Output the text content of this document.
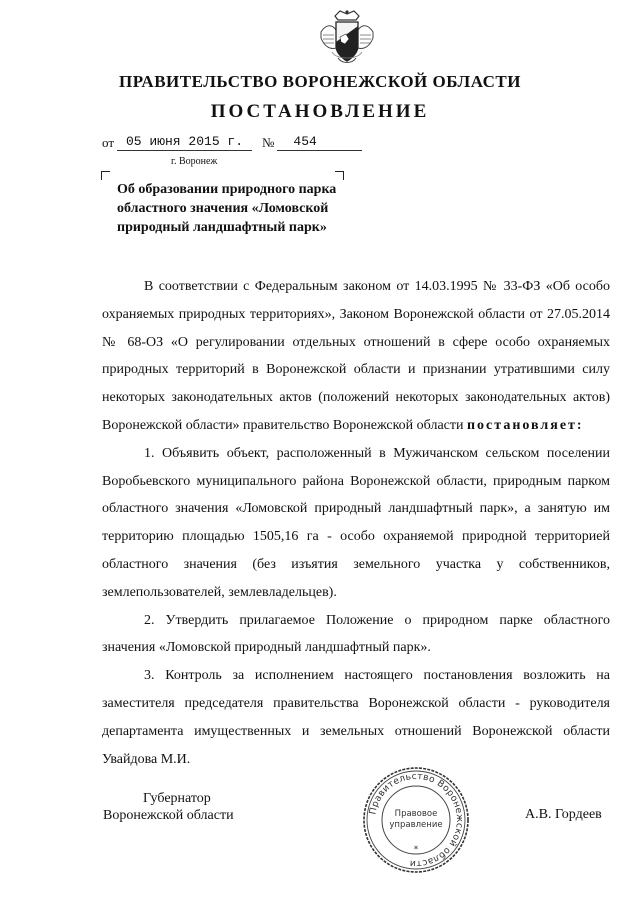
ПРАВИТЕЛЬСТВО ВОРОНЕЖСКОЙ ОБЛАСТИ
ПОСТАНОВЛЕНИЕ
от 05 июня 2015 г. № 454
г. Воронеж
Об образовании природного парка областного значения «Ломовской природный ландшафтный парк»

В соответствии с Федеральным законом от 14.03.1995 № 33-ФЗ «Об особо охраняемых природных территориях», Законом Воронежской области от 27.05.2014 № 68-ОЗ «О регулировании отдельных отношений в сфере особо охраняемых природных территорий в Воронежской области и признании утратившими силу некоторых законодательных актов (положений некоторых законодательных актов) Воронежской области» правительство Воронежской области постановляет:

1. Объявить объект, расположенный в Мужичанском сельском поселении Воробьевского муниципального района Воронежской области, природным парком областного значения «Ломовской природный ландшафтный парк», а занятую им территорию площадью 1505,16 га - особо охраняемой природной территорией областного значения (без изъятия земельного участка у собственников, землепользователей, землевладельцев).

2. Утвердить прилагаемое Положение о природном парке областного значения «Ломовской природный ландшафтный парк».

3. Контроль за исполнением настоящего постановления возложить на заместителя председателя правительства Воронежской области - руководителя департамента имущественных и земельных отношений Воронежской области Увайдова М.И.

Губернатор
Воронежской области	А.В. Гордеев
Правительство Воронежской области
Правовое
управление
*
